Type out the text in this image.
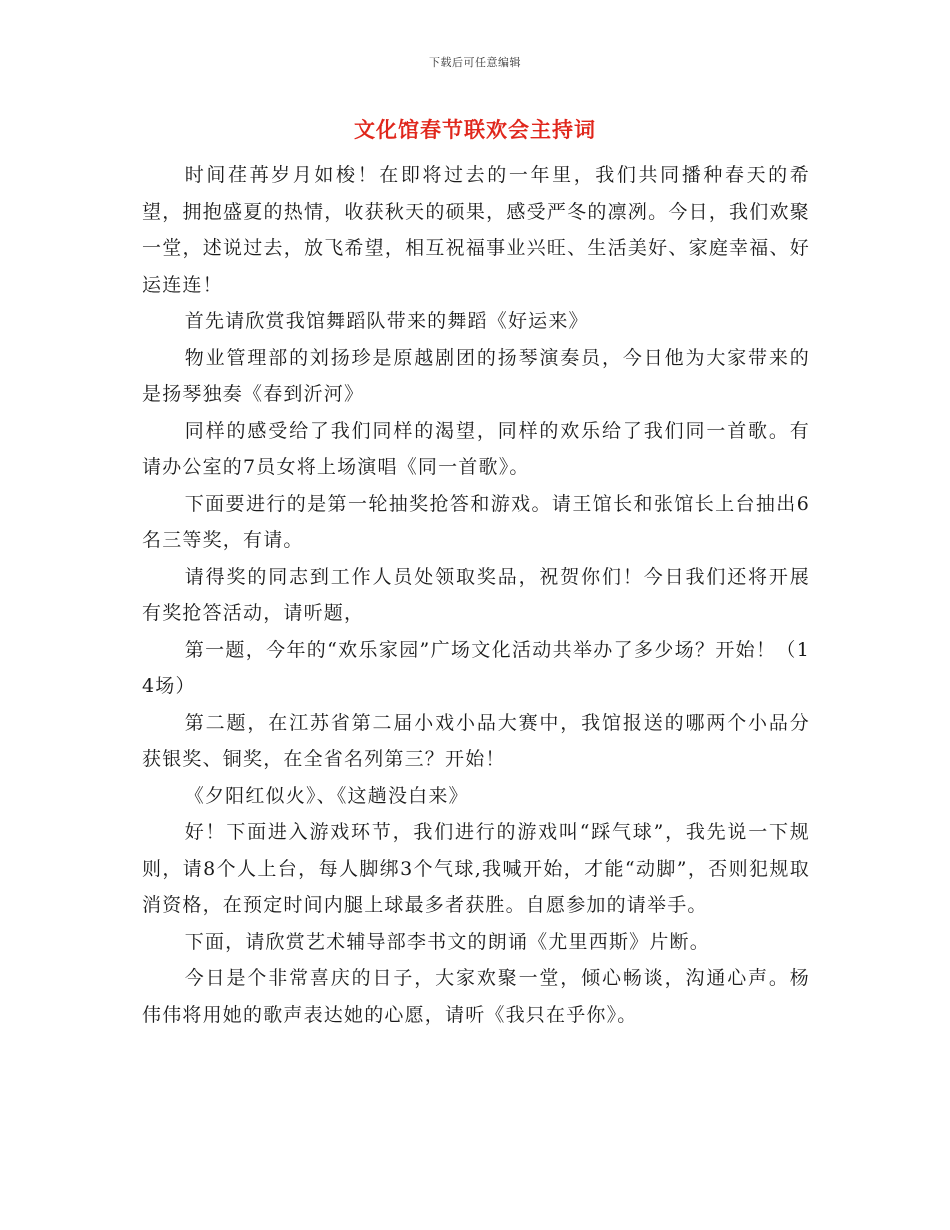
下载后可任意编辑
文化馆春节联欢会主持词

时间荏苒岁月如梭！在即将过去的一年里，我们共同播种春天的希望，拥抱盛夏的热情，收获秋天的硕果，感受严冬的凛冽。今日，我们欢聚一堂，述说过去，放飞希望，相互祝福事业兴旺、生活美好、家庭幸福、好运连连！

首先请欣赏我馆舞蹈队带来的舞蹈《好运来》

物业管理部的刘扬珍是原越剧团的扬琴演奏员，今日他为大家带来的是扬琴独奏《春到沂河》

同样的感受给了我们同样的渴望，同样的欢乐给了我们同一首歌。有请办公室的7员女将上场演唱《同一首歌》。

下面要进行的是第一轮抽奖抢答和游戏。请王馆长和张馆长上台抽出6名三等奖，有请。

请得奖的同志到工作人员处领取奖品，祝贺你们！今日我们还将开展有奖抢答活动，请听题，

第一题，今年的“欢乐家园”广场文化活动共举办了多少场？开始！（14场）

第二题，在江苏省第二届小戏小品大赛中，我馆报送的哪两个小品分获银奖、铜奖，在全省名列第三？开始！

《夕阳红似火》、《这趟没白来》

好！下面进入游戏环节，我们进行的游戏叫“踩气球”，我先说一下规则，请8个人上台，每人脚绑3个气球,我喊开始，才能“动脚”，否则犯规取消资格，在预定时间内腿上球最多者获胜。自愿参加的请举手。

下面，请欣赏艺术辅导部李书文的朗诵《尤里西斯》片断。

今日是个非常喜庆的日子，大家欢聚一堂，倾心畅谈，沟通心声。杨伟伟将用她的歌声表达她的心愿，请听《我只在乎你》。
